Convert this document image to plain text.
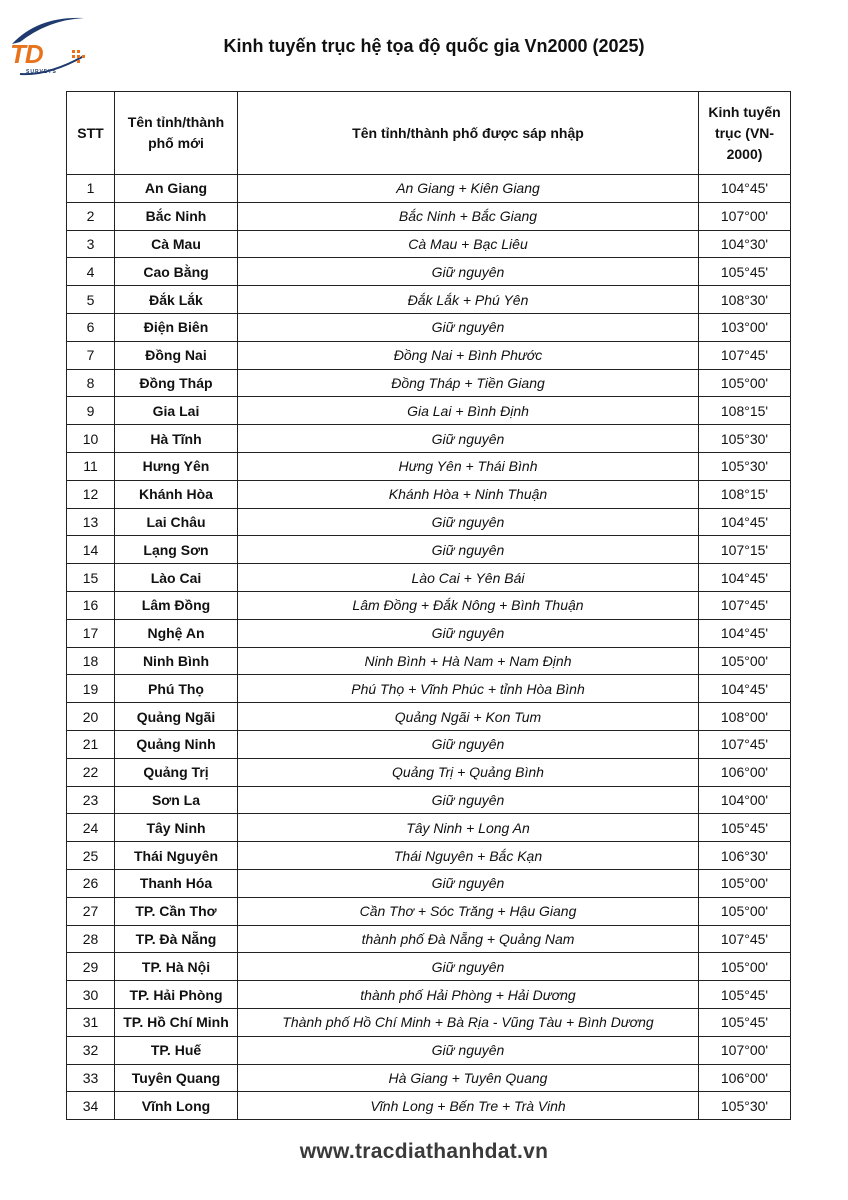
TD
SURVEYS
Kinh tuyến trục hệ tọa độ quốc gia Vn2000 (2025)
STT	Tên tỉnh/thành phố mới	Tên tỉnh/thành phố được sáp nhập	Kinh tuyến trục (VN-2000)
1	An Giang	An Giang + Kiên Giang	104°45'
2	Bắc Ninh	Bắc Ninh + Bắc Giang	107°00'
3	Cà Mau	Cà Mau + Bạc Liêu	104°30'
4	Cao Bằng	Giữ nguyên	105°45'
5	Đắk Lắk	Đắk Lắk + Phú Yên	108°30'
6	Điện Biên	Giữ nguyên	103°00'
7	Đồng Nai	Đồng Nai + Bình Phước	107°45'
8	Đồng Tháp	Đồng Tháp + Tiền Giang	105°00'
9	Gia Lai	Gia Lai + Bình Định	108°15'
10	Hà Tĩnh	Giữ nguyên	105°30'
11	Hưng Yên	Hưng Yên + Thái Bình	105°30'
12	Khánh Hòa	Khánh Hòa + Ninh Thuận	108°15'
13	Lai Châu	Giữ nguyên	104°45'
14	Lạng Sơn	Giữ nguyên	107°15'
15	Lào Cai	Lào Cai + Yên Bái	104°45'
16	Lâm Đồng	Lâm Đồng + Đắk Nông + Bình Thuận	107°45'
17	Nghệ An	Giữ nguyên	104°45'
18	Ninh Bình	Ninh Bình + Hà Nam + Nam Định	105°00'
19	Phú Thọ	Phú Thọ + Vĩnh Phúc + tỉnh Hòa Bình	104°45'
20	Quảng Ngãi	Quảng Ngãi + Kon Tum	108°00'
21	Quảng Ninh	Giữ nguyên	107°45'
22	Quảng Trị	Quảng Trị + Quảng Bình	106°00'
23	Sơn La	Giữ nguyên	104°00'
24	Tây Ninh	Tây Ninh + Long An	105°45'
25	Thái Nguyên	Thái Nguyên + Bắc Kạn	106°30'
26	Thanh Hóa	Giữ nguyên	105°00'
27	TP. Cần Thơ	Cần Thơ + Sóc Trăng + Hậu Giang	105°00'
28	TP. Đà Nẵng	thành phố Đà Nẵng + Quảng Nam	107°45'
29	TP. Hà Nội	Giữ nguyên	105°00'
30	TP. Hải Phòng	thành phố Hải Phòng + Hải Dương	105°45'
31	TP. Hồ Chí Minh	Thành phố Hồ Chí Minh + Bà Rịa - Vũng Tàu + Bình Dương	105°45'
32	TP. Huế	Giữ nguyên	107°00'
33	Tuyên Quang	Hà Giang + Tuyên Quang	106°00'
34	Vĩnh Long	Vĩnh Long + Bến Tre + Trà Vinh	105°30'
www.tracdiathanhdat.vn
